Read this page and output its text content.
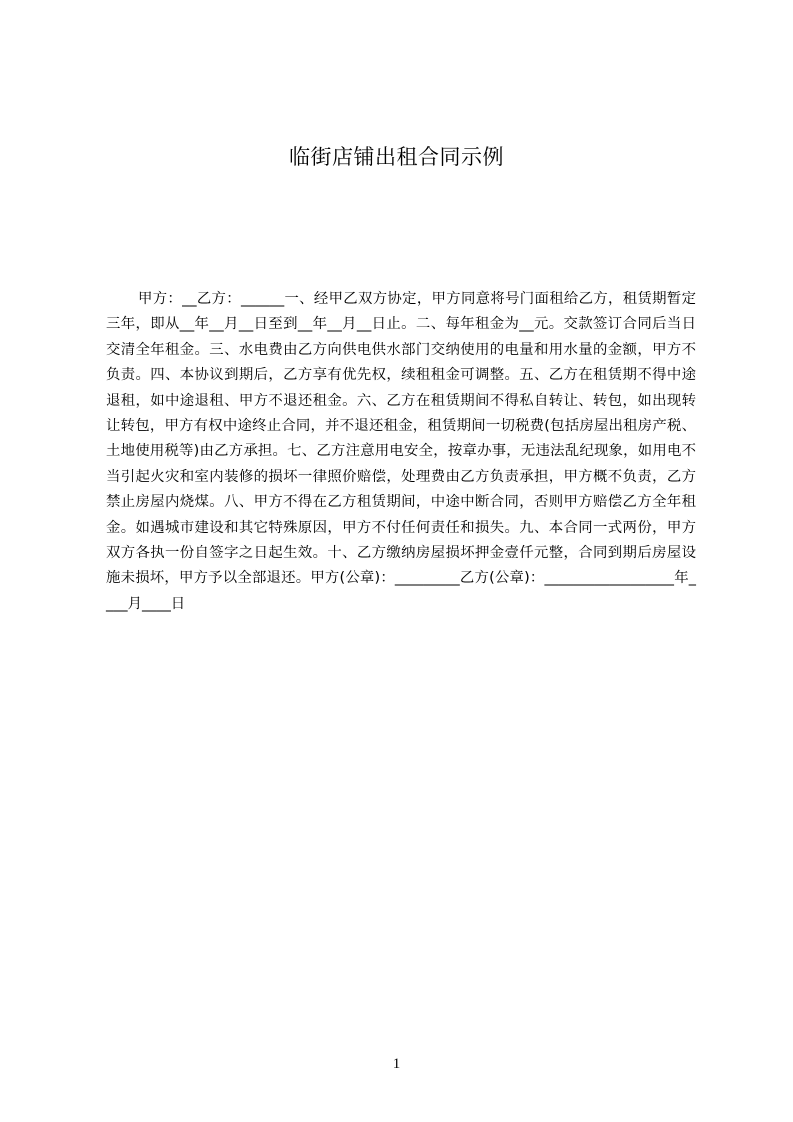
临街店铺出租合同示例
甲方：__乙方：______一、经甲乙双方协定，甲方同意将号门面租给乙方，租赁期暂定三年，即从__年__月__日至到__年__月__日止。二、每年租金为__元。交款签订合同后当日交清全年租金。三、水电费由乙方向供电供水部门交纳使用的电量和用水量的金额，甲方不负责。四、本协议到期后，乙方享有优先权，续租租金可调整。五、乙方在租赁期不得中途退租，如中途退租、甲方不退还租金。六、乙方在租赁期间不得私自转让、转包，如出现转让转包，甲方有权中途终止合同，并不退还租金，租赁期间一切税费(包括房屋出租房产税、土地使用税等)由乙方承担。七、乙方注意用电安全，按章办事，无违法乱纪现象，如用电不当引起火灾和室内装修的损坏一律照价赔偿，处理费由乙方负责承担，甲方概不负责，乙方禁止房屋内烧煤。八、甲方不得在乙方租赁期间，中途中断合同，否则甲方赔偿乙方全年租金。如遇城市建设和其它特殊原因，甲方不付任何责任和损失。九、本合同一式两份，甲方双方各执一份自签字之日起生效。十、乙方缴纳房屋损坏押金壹仟元整，合同到期后房屋设施未损坏，甲方予以全部退还。甲方(公章)：_________乙方(公章)：__________________年____月____日
1
